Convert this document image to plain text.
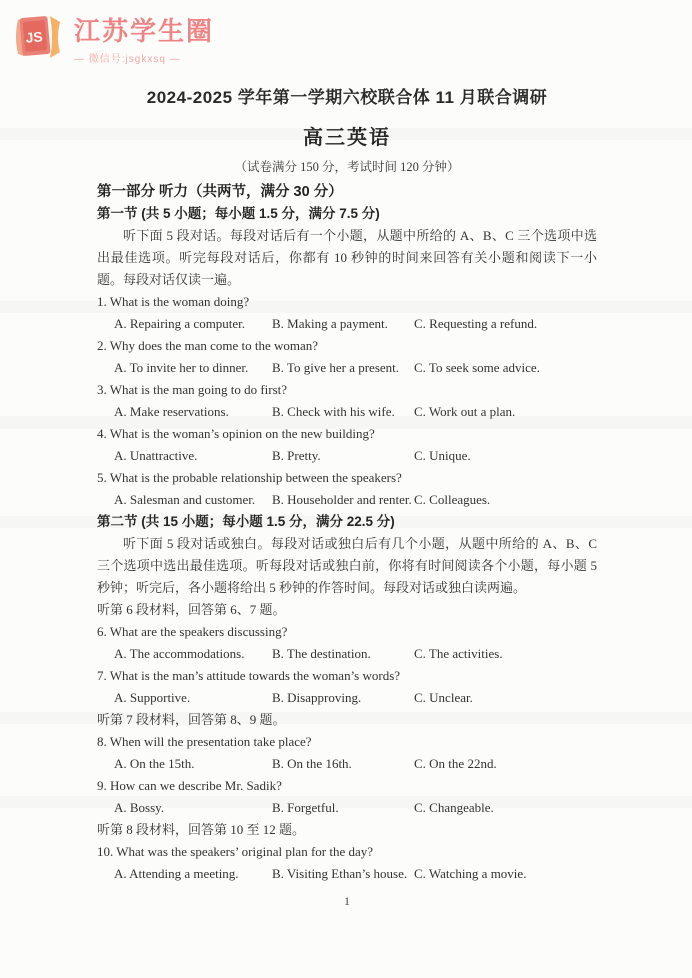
JS 江苏学生圈
— 微信号:jsgkxsq —
2024-2025 学年第一学期六校联合体 11 月联合调研
高三英语
（试卷满分 150 分，考试时间 120 分钟）
第一部分 听力（共两节，满分 30 分）
第一节 (共 5 小题；每小题 1.5 分，满分 7.5 分)

听下面 5 段对话。每段对话后有一个小题，从题中所给的 A、B、C 三个选项中选出最佳选项。听完每段对话后，你都有 10 秒钟的时间来回答有关小题和阅读下一小题。每段对话仅读一遍。

1. What is the woman doing?
A. Repairing a computer.	B. Making a payment.	C. Requesting a refund.
2. Why does the man come to the woman?
A. To invite her to dinner.	B. To give her a present.	C. To seek some advice.
3. What is the man going to do first?
A. Make reservations.	B. Check with his wife.	C. Work out a plan.
4. What is the woman’s opinion on the new building?
A. Unattractive.	B. Pretty.	C. Unique.
5. What is the probable relationship between the speakers?
A. Salesman and customer.	B. Householder and renter. C. Colleagues.
第二节 (共 15 小题；每小题 1.5 分，满分 22.5 分)

听下面 5 段对话或独白。每段对话或独白后有几个小题，从题中所给的 A、B、C 三个选项中选出最佳选项。听每段对话或独白前，你将有时间阅读各个小题，每小题 5 秒钟；听完后，各小题将给出 5 秒钟的作答时间。每段对话或独白读两遍。

听第 6 段材料，回答第 6、7 题。
6. What are the speakers discussing?
A. The accommodations.	B. The destination.	C. The activities.
7. What is the man’s attitude towards the woman’s words?
A. Supportive.	B. Disapproving.	C. Unclear.
听第 7 段材料，回答第 8、9 题。
8. When will the presentation take place?
A. On the 15th.	B. On the 16th.	C. On the 22nd.
9. How can we describe Mr. Sadik?
A. Bossy.	B. Forgetful.	C. Changeable.
听第 8 段材料，回答第 10 至 12 题。
10. What was the speakers’ original plan for the day?
A. Attending a meeting.	B. Visiting Ethan’s house. C. Watching a movie.
1
